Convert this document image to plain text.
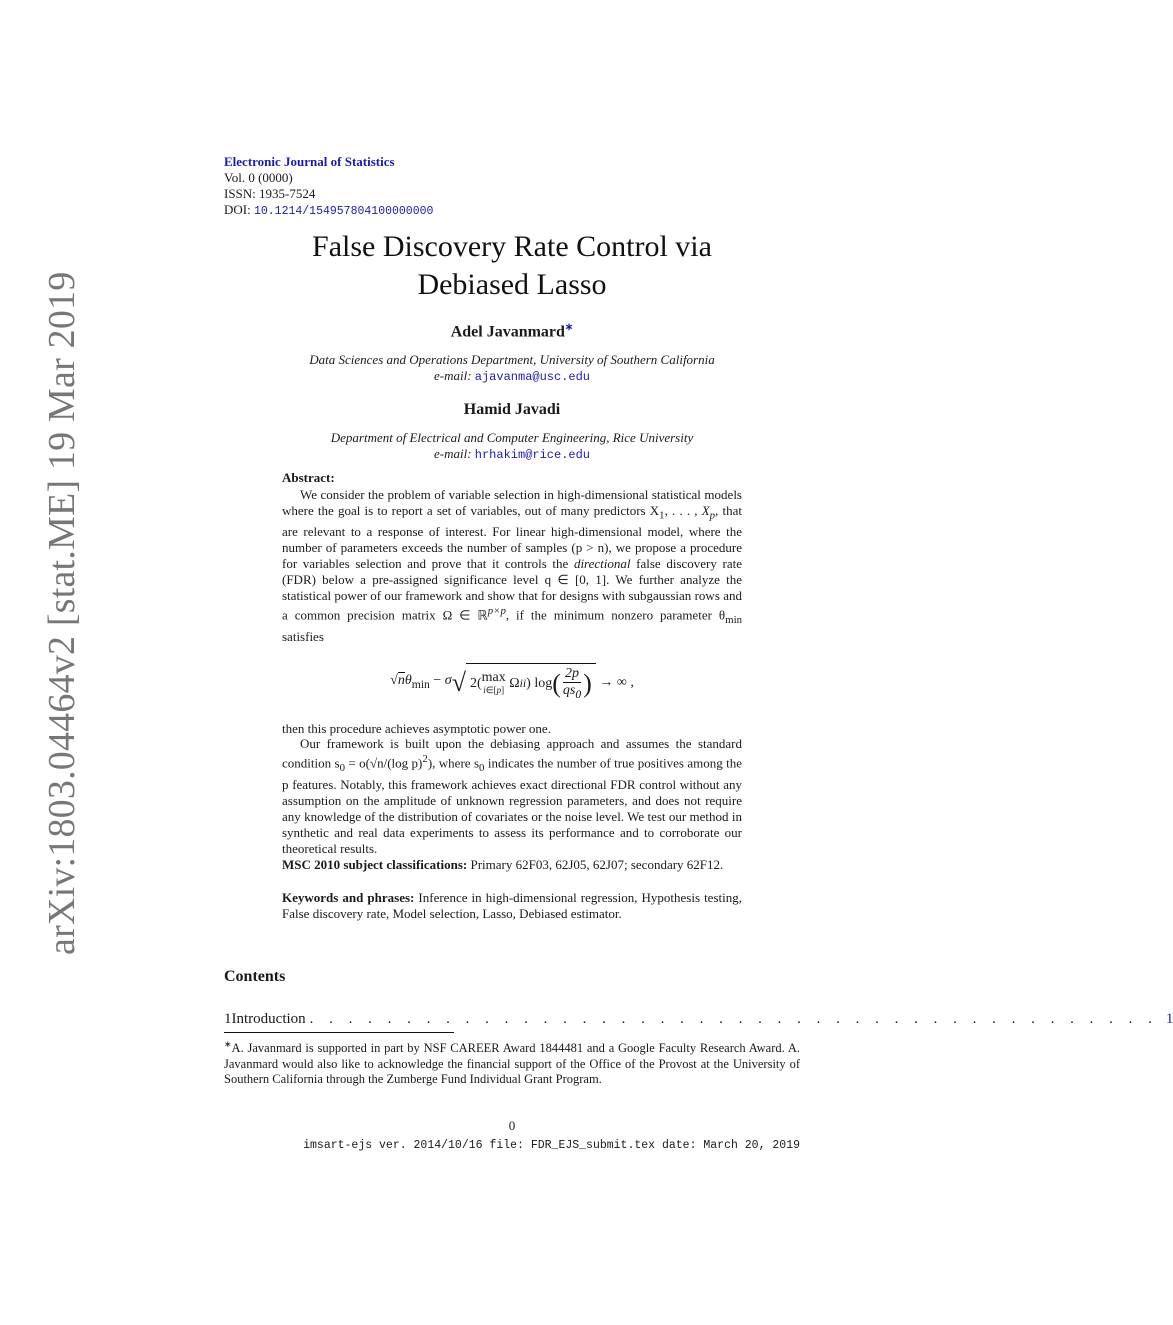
arXiv:1803.04464v2 [stat.ME] 19 Mar 2019
Electronic Journal of Statistics
Vol. 0 (0000)
ISSN: 1935-7524
DOI: 10.1214/154957804100000000
False Discovery Rate Control via
Debiased Lasso
Adel Javanmard∗
Data Sciences and Operations Department, University of Southern California
e-mail: ajavanma@usc.edu
Hamid Javadi
Department of Electrical and Computer Engineering, Rice University
e-mail: hrhakim@rice.edu
Abstract:

We consider the problem of variable selection in high-dimensional statistical models where the goal is to report a set of variables, out of many predictors $X_1$, . . . , $X_p$, that are relevant to a response of interest. For linear high-dimensional model, where the number of parameters exceeds the number of samples (p > n), we propose a procedure for variables selection and prove that it controls the directional false discovery rate (FDR) below a pre-assigned significance level q ∈ [0, 1]. We further analyze the statistical power of our framework and show that for designs with subgaussian rows and a common precision matrix Ω ∈ ℝ$^{p\times p}$, if the minimum nonzero parameter $\theta_{min}$ satisfies

$√n\theta_{min} - \sigma$ √ 2( max
i∈[p] Ω ii ) log ( $\frac{2p}{qs_0}$ ) → ∞ ,

then this procedure achieves asymptotic power one.

Our framework is built upon the debiasing approach and assumes the standard condition $s_0 = o(√n/(\log$ p)$^2$), where $s_0$ indicates the number of true positives among the p features. Notably, this framework achieves exact directional FDR control without any assumption on the amplitude of unknown regression parameters, and does not require any knowledge of the distribution of covariates or the noise level. We test our method in synthetic and real data experiments to assess its performance and to corroborate our theoretical results.

MSC 2010 subject classifications: Primary 62F03, 62J05, 62J07; secondary 62F12.
Keywords and phrases: Inference in high-dimensional regression, Hypothesis testing, False discovery rate, Model selection, Lasso, Debiased estimator.
Contents
1 Introduction . . . . . . . . . . . . . . . . . . . . . . . . . . . . . . . . . . . . . . . . . . . . 1
∗A. Javanmard is supported in part by NSF CAREER Award 1844481 and a Google Faculty Research Award. A. Javanmard would also like to acknowledge the financial support of the Office of the Provost at the University of Southern California through the Zumberge Fund Individual Grant Program.
0
imsart-ejs ver. 2014/10/16 file: FDR_EJS_submit.tex date: March 20, 2019
